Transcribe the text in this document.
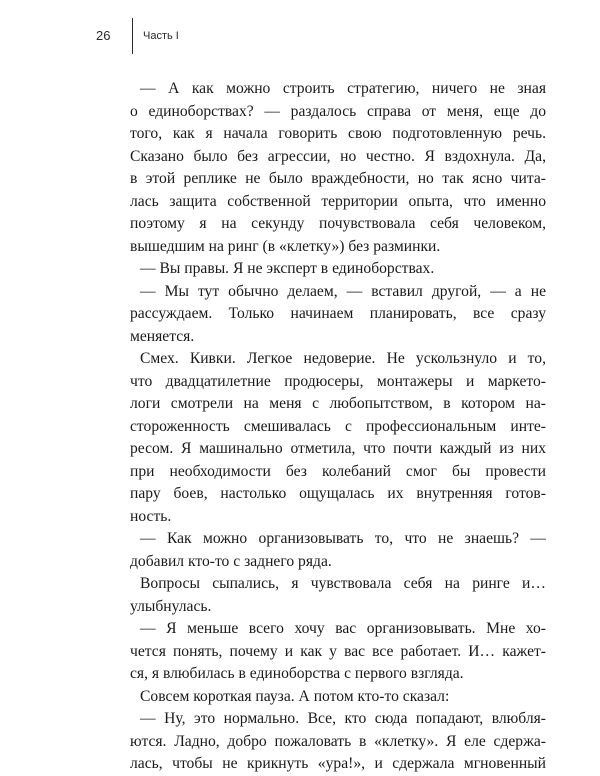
26	Часть I
— А как можно строить стратегию, ничего не зная
о единоборствах? — раздалось справа от меня, еще до
того, как я начала говорить свою подготовленную речь.
Сказано было без агрессии, но честно. Я вздохнула. Да,
в этой реплике не было враждебности, но так ясно чита-
лась защита собственной территории опыта, что именно
поэтому я на секунду почувствовала себя человеком,
вышедшим на ринг (в «клетку») без разминки.
— Вы правы. Я не эксперт в единоборствах.
— Мы тут обычно делаем, — вставил другой, — а не
рассуждаем. Только начинаем планировать, все сразу
меняется.
Смех. Кивки. Легкое недоверие. Не ускользнуло и то,
что двадцатилетние продюсеры, монтажеры и маркето-
логи смотрели на меня с любопытством, в котором на-
стороженность смешивалась с профессиональным интe-
ресом. Я машинально отметила, что почти каждый из них
при необходимости без колебаний смог бы провести
пару боев, настолько ощущалась их внутренняя готов-
ность.
— Как можно организовывать то, что не знаешь? —
добавил кто-то с заднего ряда.
Вопросы сыпались, я чувствовала себя на ринге и…
улыбнулась.
— Я меньше всего хочу вас организовывать. Мне хо-
чется понять, почему и как у вас все работает. И… кажет-
ся, я влюбилась в единоборства с первого взгляда.
Совсем короткая пауза. А потом кто-то сказал:
— Ну, это нормально. Все, кто сюда попадают, влюбля-
ются. Ладно, добро пожаловать в «клетку». Я еле сдержа-
лась, чтобы не крикнуть «ура!», и сдержала мгновенный
